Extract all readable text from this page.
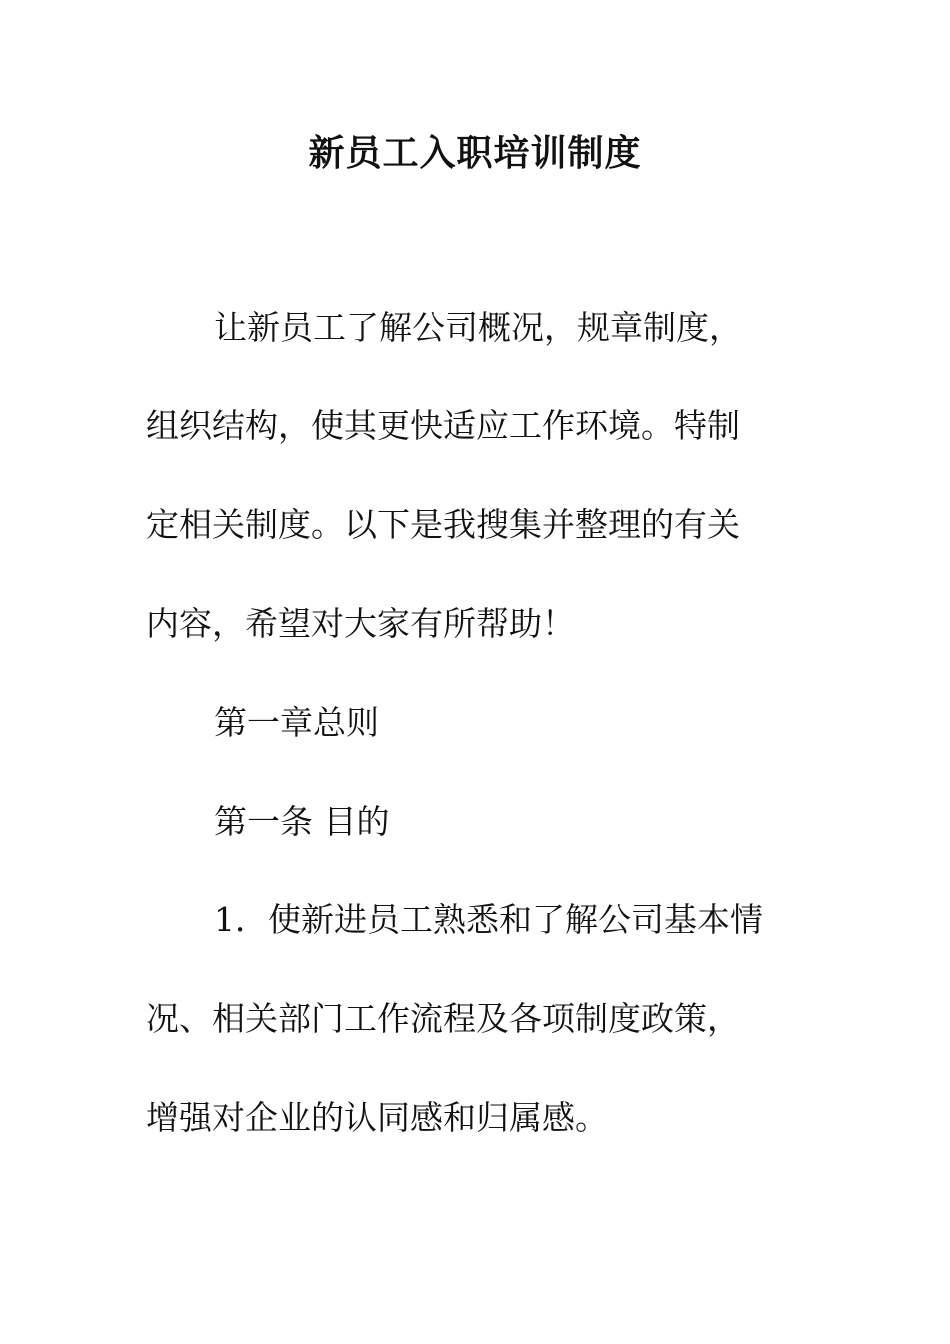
新员工入职培训制度

让新员工了解公司概况，规章制度，

组织结构，使其更快适应工作环境。特制

定相关制度。以下是我搜集并整理的有关

内容，希望对大家有所帮助！

第一章总则

第一条 目的

1．使新进员工熟悉和了解公司基本情

况、相关部门工作流程及各项制度政策，

增强对企业的认同感和归属感。
